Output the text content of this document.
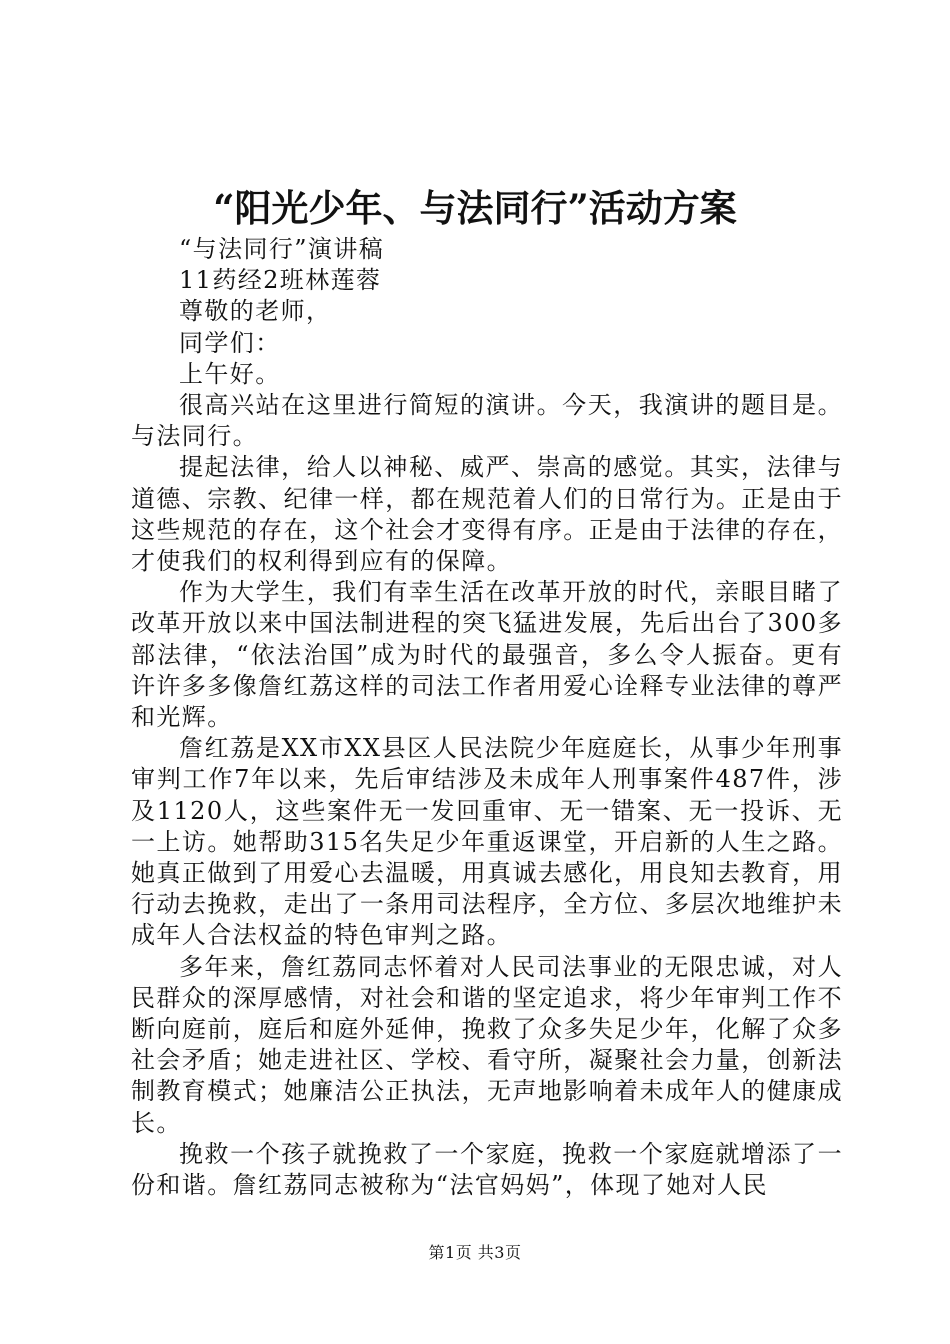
“阳光少年、与法同行”活动方案

“与法同行”演讲稿

11药经2班林莲蓉

尊敬的老师，

同学们：

上午好。

很高兴站在这里进行简短的演讲。今天，我演讲的题目是。与法同行。

提起法律，给人以神秘、威严、崇高的感觉。其实，法律与道德、宗教、纪律一样，都在规范着人们的日常行为。正是由于这些规范的存在，这个社会才变得有序。正是由于法律的存在，才使我们的权利得到应有的保障。

作为大学生，我们有幸生活在改革开放的时代，亲眼目睹了改革开放以来中国法制进程的突飞猛进发展，先后出台了300多部法律，“依法治国”成为时代的最强音，多么令人振奋。更有许许多多像詹红荔这样的司法工作者用爱心诠释专业法律的尊严和光辉。

詹红荔是XX市XX县区人民法院少年庭庭长，从事少年刑事审判工作7年以来，先后审结涉及未成年人刑事案件487件，涉及1120人，这些案件无一发回重审、无一错案、无一投诉、无一上访。她帮助315名失足少年重返课堂，开启新的人生之路。她真正做到了用爱心去温暖，用真诚去感化，用良知去教育，用行动去挽救，走出了一条用司法程序，全方位、多层次地维护未成年人合法权益的特色审判之路。

多年来，詹红荔同志怀着对人民司法事业的无限忠诚，对人民群众的深厚感情，对社会和谐的坚定追求，将少年审判工作不断向庭前，庭后和庭外延伸，挽救了众多失足少年，化解了众多社会矛盾；她走进社区、学校、看守所，凝聚社会力量，创新法制教育模式；她廉洁公正执法，无声地影响着未成年人的健康成长。

挽救一个孩子就挽救了一个家庭，挽救一个家庭就增添了一份和谐。詹红荔同志被称为“法官妈妈”，体现了她对人民

第1页 共3页
